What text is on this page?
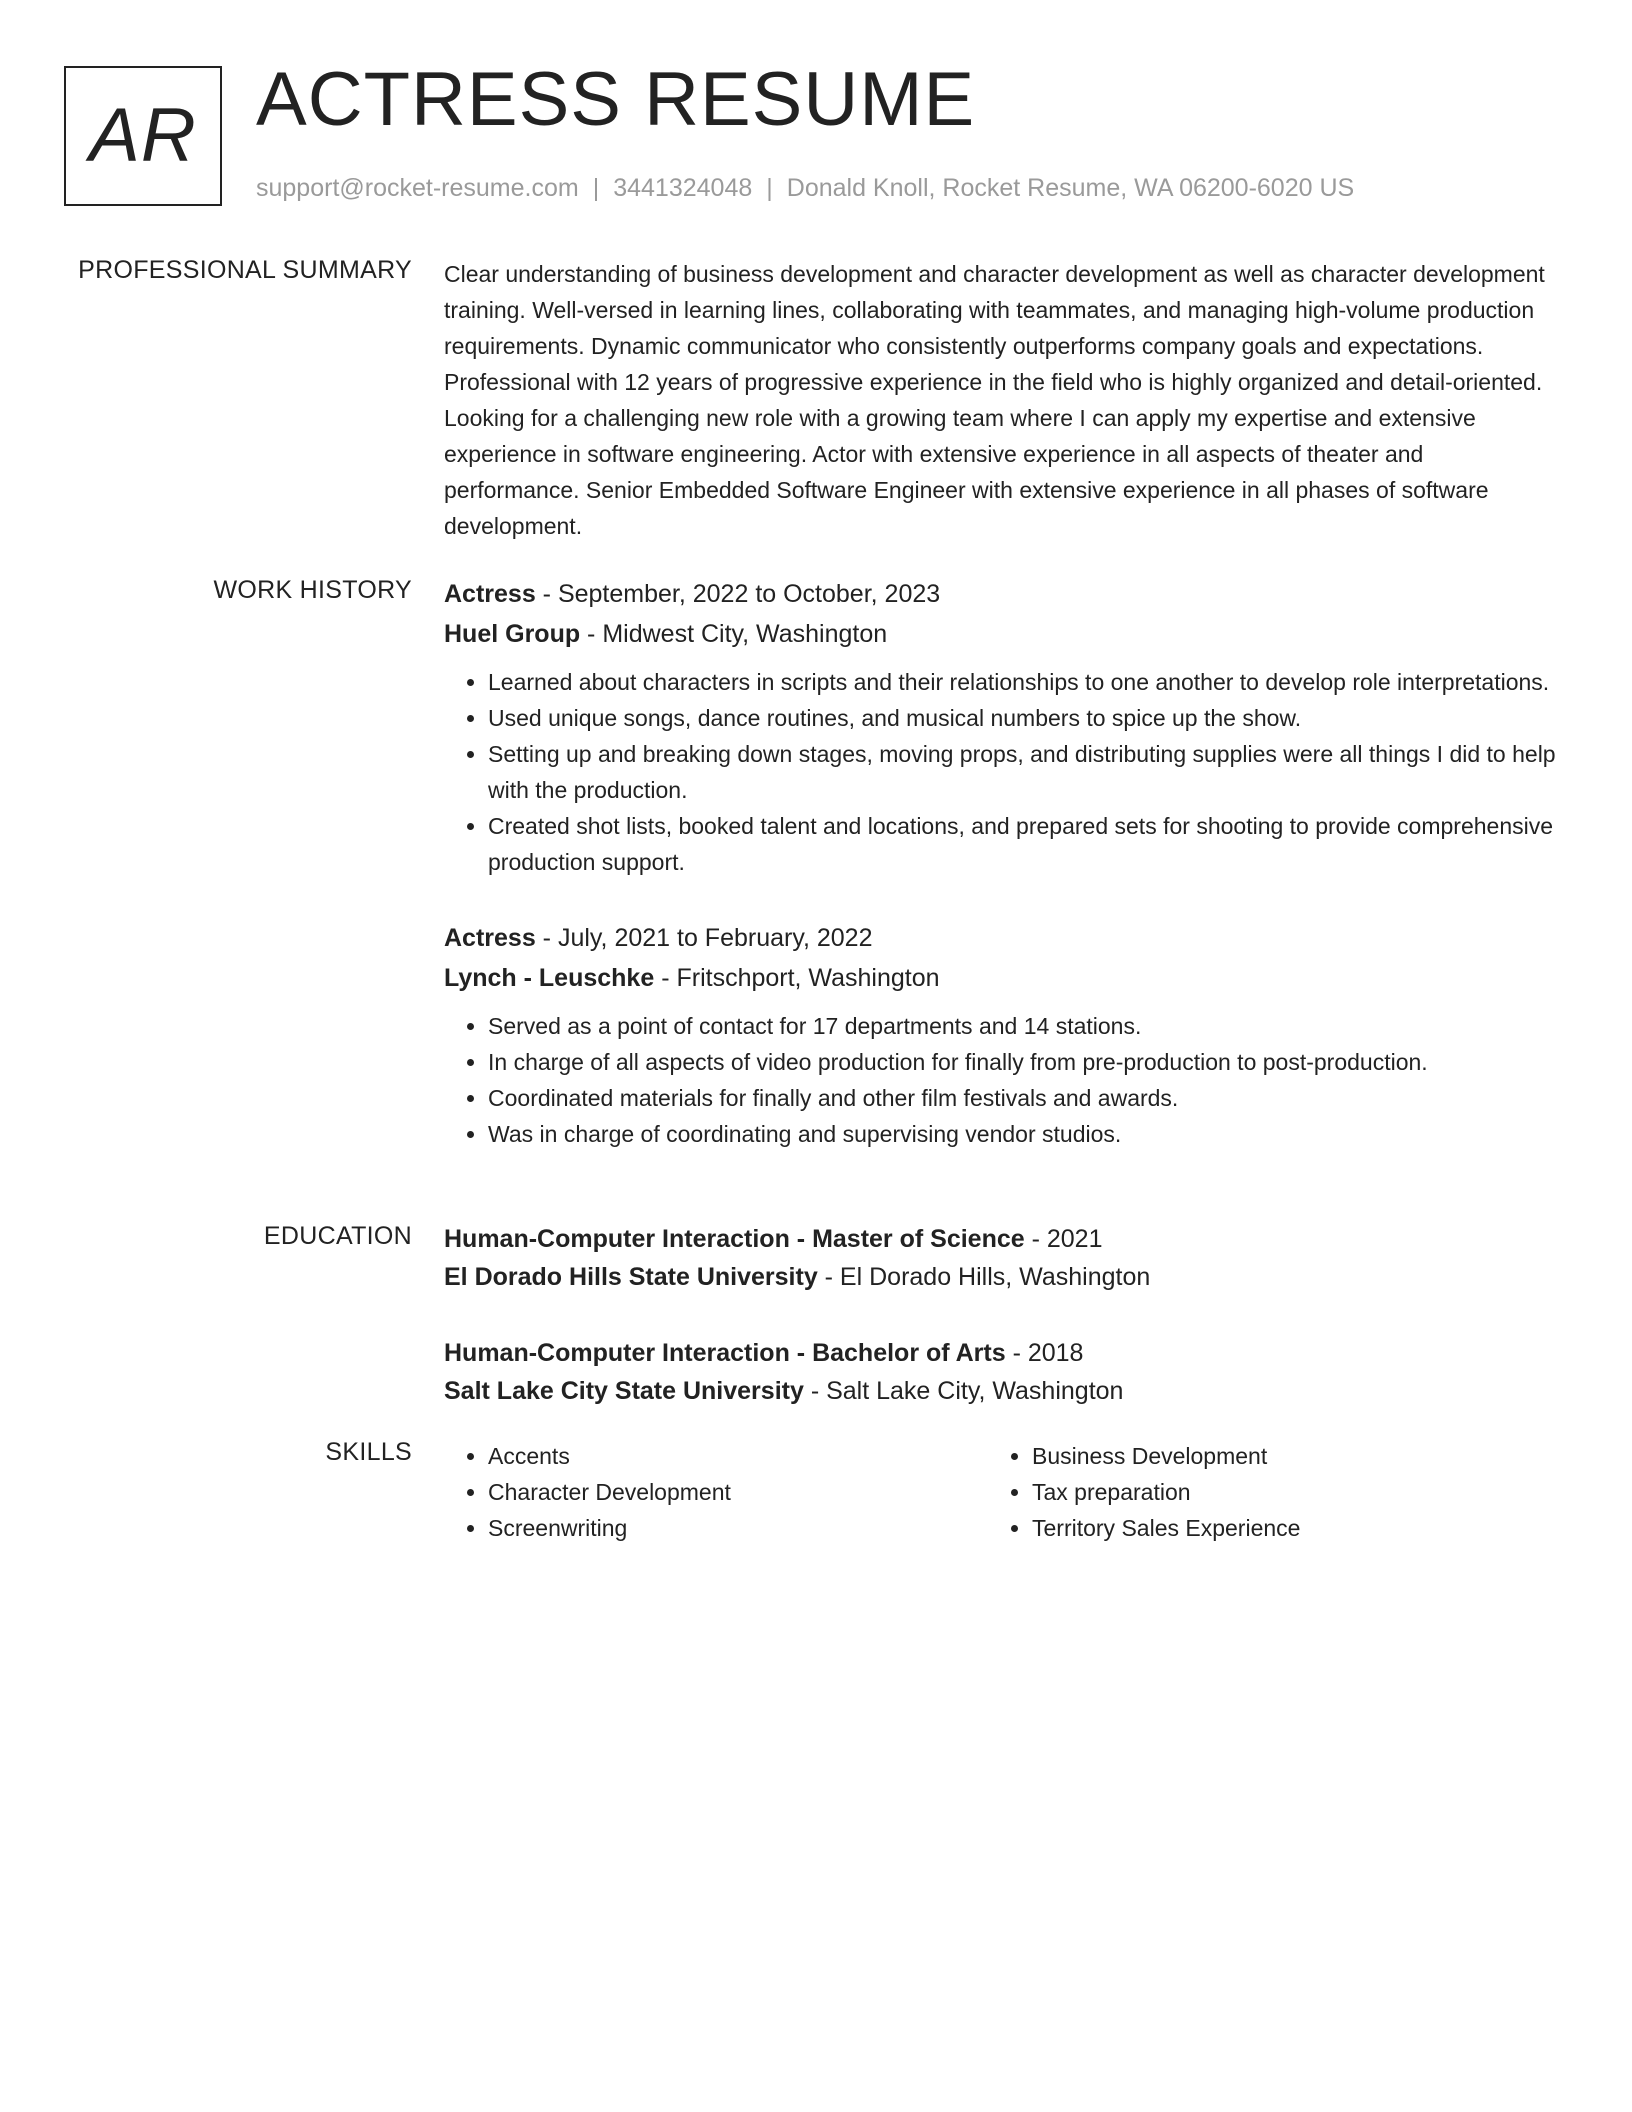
AR ACTRESS RESUME
support@rocket-resume.com | 3441324048 | Donald Knoll, Rocket Resume, WA 06200-6020 US
PROFESSIONAL SUMMARY Clear understanding of business development and character development as well as character development training. Well-versed in learning lines, collaborating with teammates, and managing high-volume production requirements. Dynamic communicator who consistently outperforms company goals and expectations. Professional with 12 years of progressive experience in the field who is highly organized and detail-oriented. Looking for a challenging new role with a growing team where I can apply my expertise and extensive experience in software engineering. Actor with extensive experience in all aspects of theater and performance. Senior Embedded Software Engineer with extensive experience in all phases of software development.

WORK HISTORY Actress - September, 2022 to October, 2023

Huel Group - Midwest City, Washington

• Learned about characters in scripts and their relationships to one another to develop role interpretations.
• Used unique songs, dance routines, and musical numbers to spice up the show.
• Setting up and breaking down stages, moving props, and distributing supplies were all things I did to help with the production.
• Created shot lists, booked talent and locations, and prepared sets for shooting to provide comprehensive production support.

Actress - July, 2021 to February, 2022

Lynch - Leuschke - Fritschport, Washington

• Served as a point of contact for 17 departments and 14 stations.
• In charge of all aspects of video production for finally from pre-production to post-production.
• Coordinated materials for finally and other film festivals and awards.
• Was in charge of coordinating and supervising vendor studios.
EDUCATION Human-Computer Interaction - Master of Science - 2021

El Dorado Hills State University - El Dorado Hills, Washington

Human-Computer Interaction - Bachelor of Arts - 2018

Salt Lake City State University - Salt Lake City, Washington

SKILLS
•	Accents
• Character Development
• Screenwriting
• Business Development
• Tax preparation
• Territory Sales Experience
